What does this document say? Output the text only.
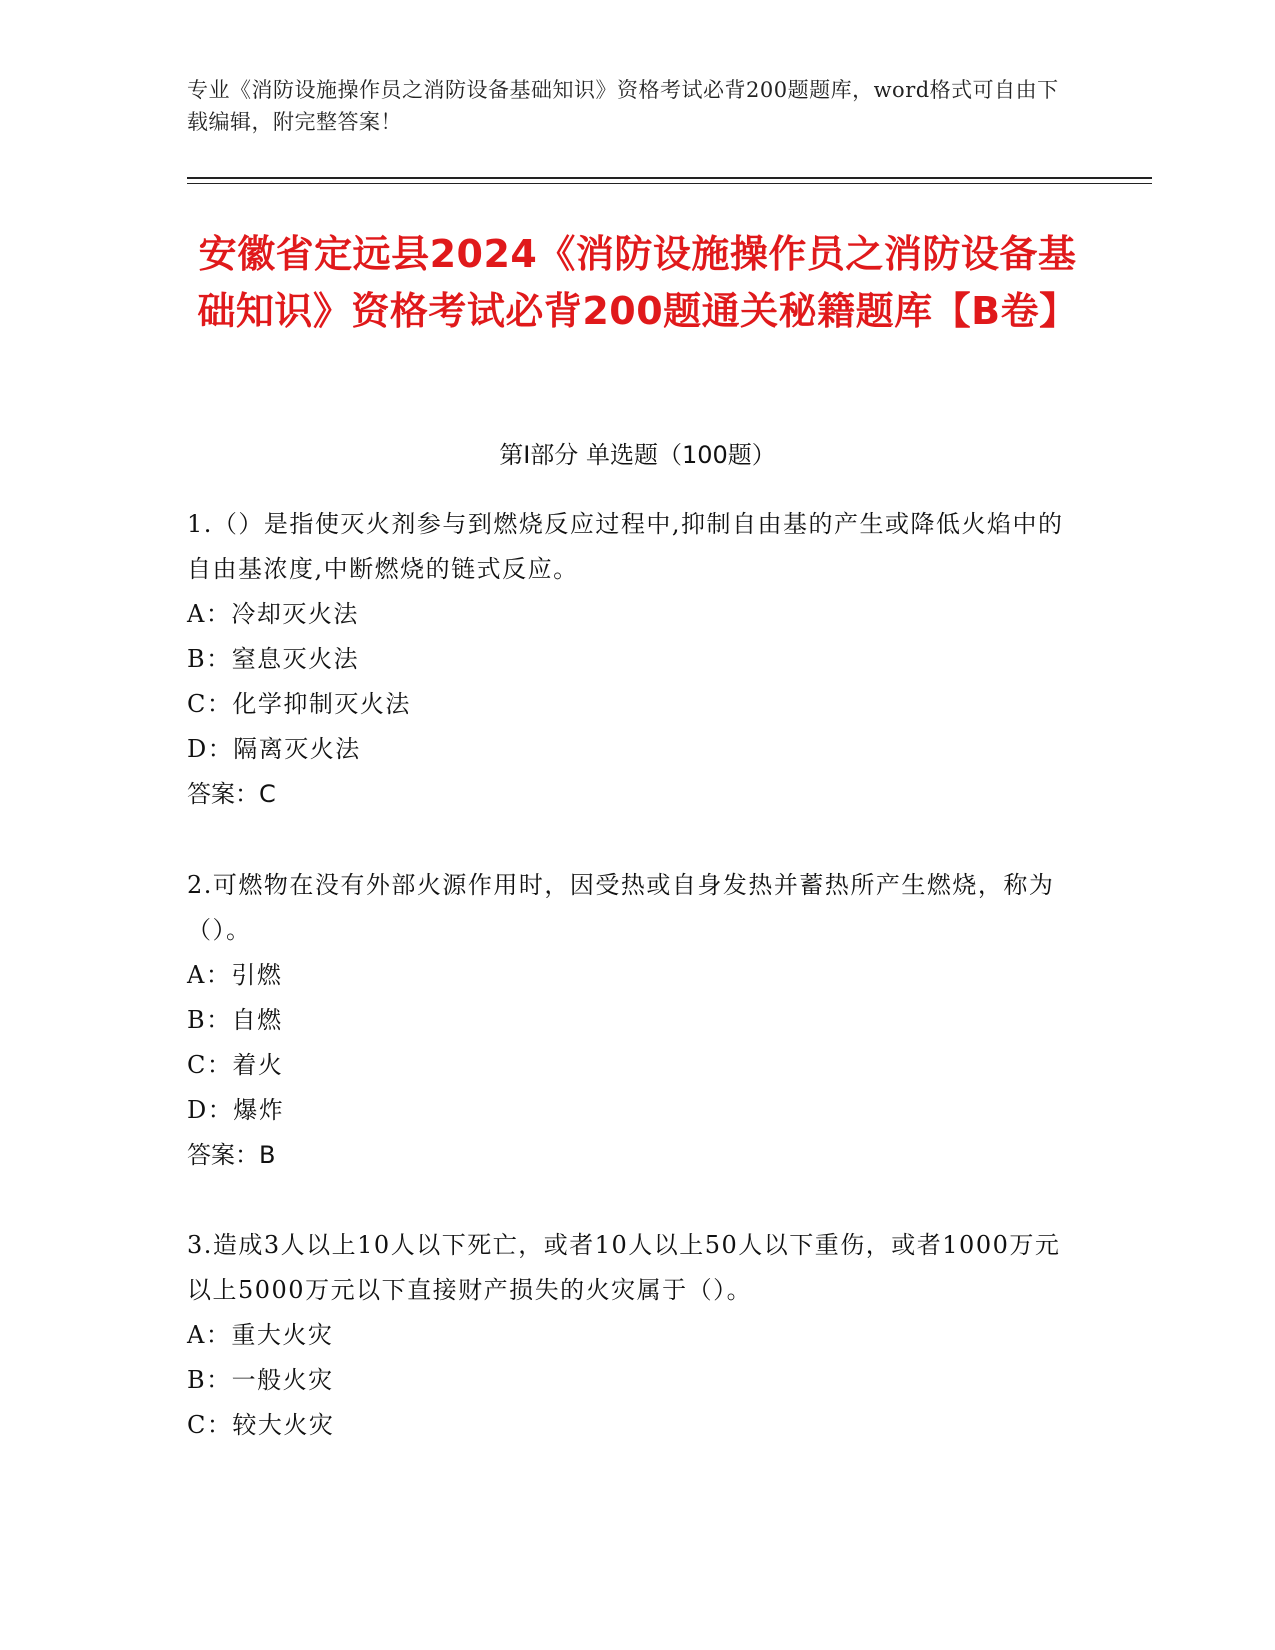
专业《消防设施操作员之消防设备基础知识》资格考试必背200题题库，word格式可自由下载编辑，附完整答案！
安徽省定远县2024《消防设施操作员之消防设备基础知识》资格考试必背200题通关秘籍题库【B卷】
第Ⅰ部分 单选题（100题）

1.（）是指使灭火剂参与到燃烧反应过程中,抑制自由基的产生或降低火焰中的自由基浓度,中断燃烧的链式反应。

A：冷却灭火法

B：窒息灭火法

C：化学抑制灭火法

D：隔离灭火法

答案：C

2.可燃物在没有外部火源作用时，因受热或自身发热并蓄热所产生燃烧，称为（）。

A：引燃

B：自燃

C：着火

D：爆炸

答案：B

3.造成3人以上10人以下死亡，或者10人以上50人以下重伤，或者1000万元以上5000万元以下直接财产损失的火灾属于（）。

A：重大火灾

B：一般火灾

C：较大火灾
